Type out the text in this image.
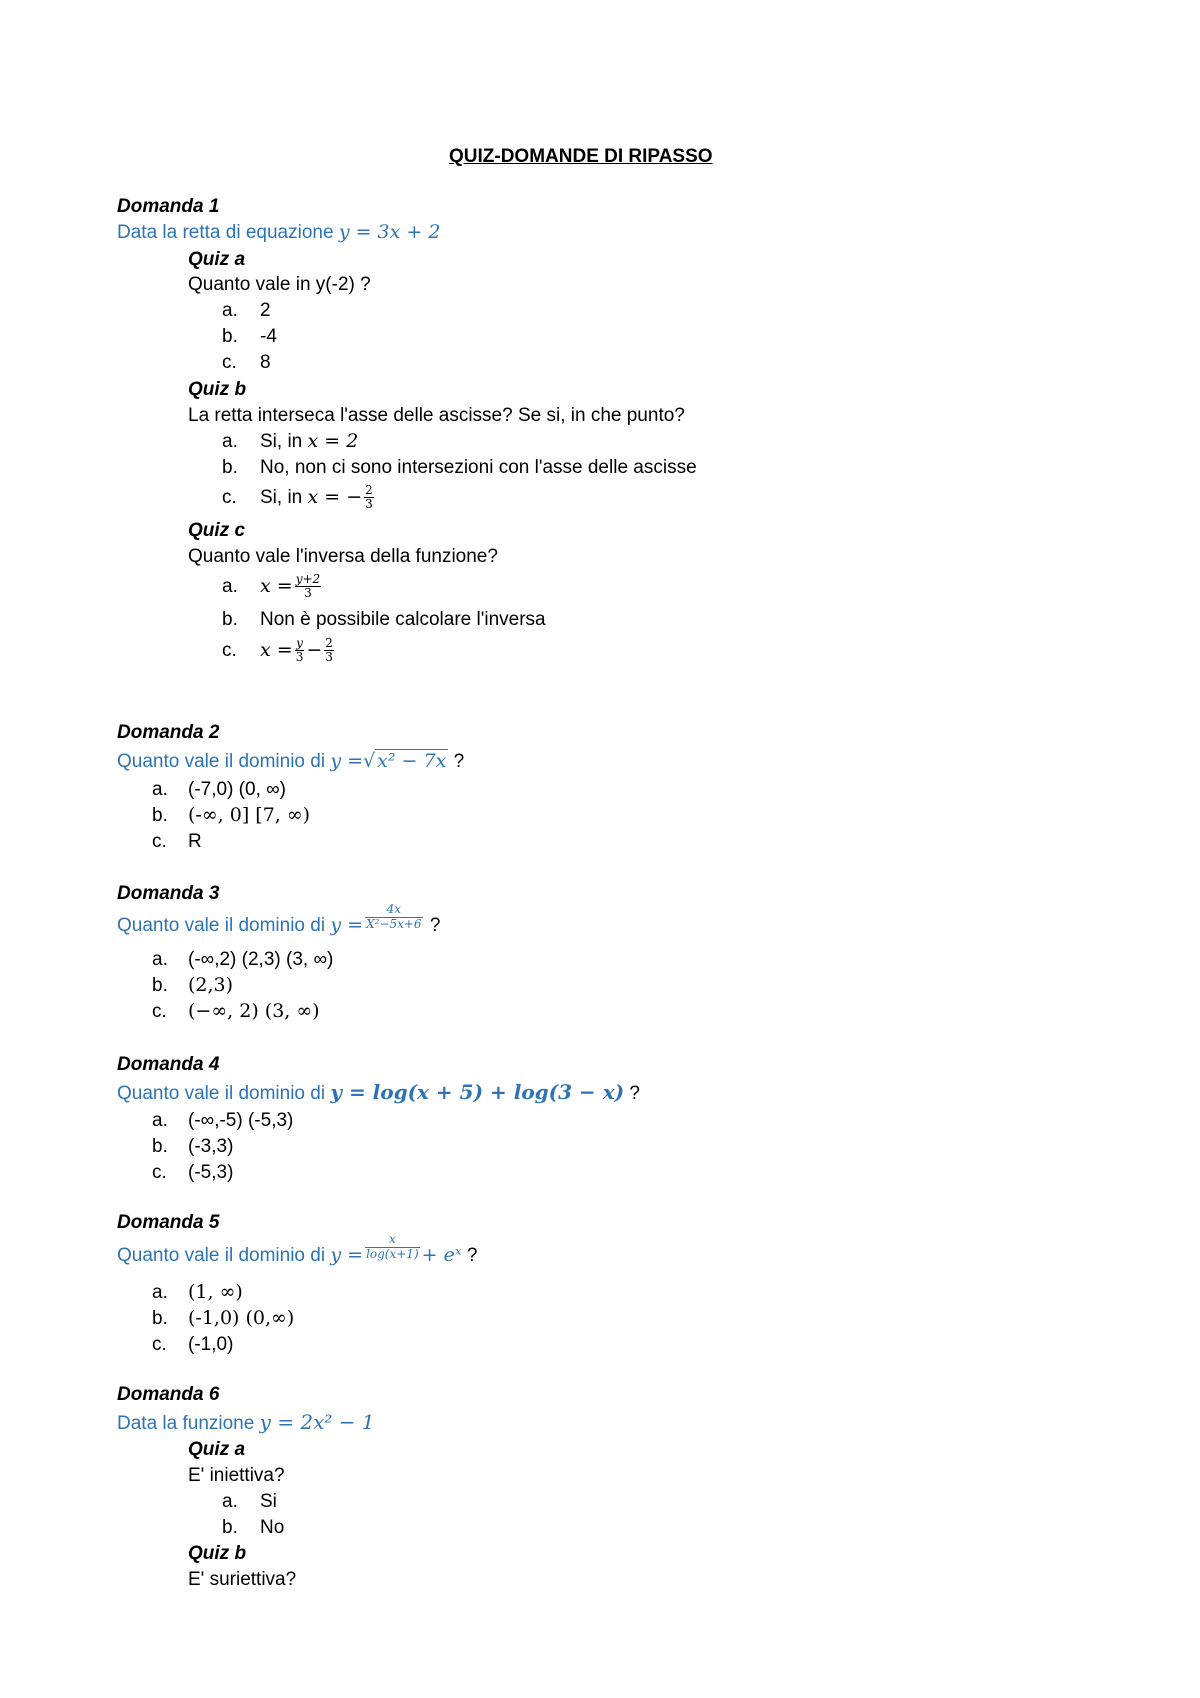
QUIZ-DOMANDE DI RIPASSO
Domanda 1
Data la retta di equazione y = 3x + 2
Quiz a
Quanto vale in y(-2) ?
a. 2
b. -4
c. 8
Quiz b
La retta interseca l'asse delle ascisse? Se si, in che punto?
a. Si, in x = 2
b. No, non ci sono intersezioni con l'asse delle ascisse
c. Si, in x = − $\frac{2}{3}$
Quiz c
Quanto vale l'inversa della funzione?
a. $x = \frac{y+2}{3}$
b. Non è possibile calcolare l'inversa
c. $x = \frac{y}{3} - \frac{2}{3}$
Domanda 2
Quanto vale il dominio di y =√ x² − 7x ?
a. (-7,0) (0, ∞)
b. (-∞, 0] [7, ∞)
c. R
Domanda 3
Quanto vale il dominio di $y = \frac{4x}{\text{X²−5x+6}}$ ?
a. (-∞,2) (2,3) (3, ∞)
b. (2,3)
c. (−∞, 2) (3, ∞)
Domanda 4
Quanto vale il dominio di y = log(x + 5) + log(3 − x) ?
a. (-∞,-5) (-5,3)
b. (-3,3)
c. (-5,3)
Domanda 5
Quanto vale il dominio di $y = \frac{x}{\log(x+1)}$ + eˣ ?
a. (1, ∞)
b. (-1,0) (0,∞)
c. (-1,0)
Domanda 6
Data la funzione y = 2x² − 1
Quiz a
E' iniettiva?
a. Si
b. No
Quiz b
E' suriettiva?
